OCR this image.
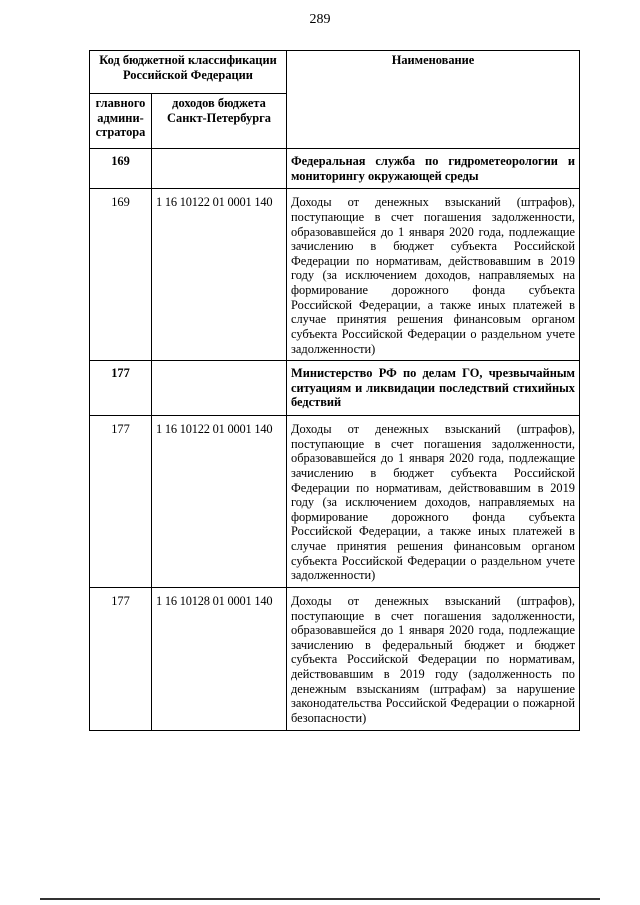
289
Код бюджетной классификации Российской Федерации		Наименование
главного админи-стратора	доходов бюджета Санкт-Петербурга	
169		Федеральная служба по гидрометеорологии и мониторингу окружающей среды
169	1 16 10122 01 0001 140	Доходы от денежных взысканий (штрафов), поступающие в счет погашения задолженности, образовавшейся до 1 января 2020 года, подлежащие зачислению в бюджет субъекта Российской Федерации по нормативам, действовавшим в 2019 году (за исключением доходов, направляемых на формирование дорожного фонда субъекта Российской Федерации, а также иных платежей в случае принятия решения финансовым органом субъекта Российской Федерации о раздельном учете задолженности)
177		Министерство РФ по делам ГО, чрезвычайным ситуациям и ликвидации последствий стихийных бедствий
177	1 16 10122 01 0001 140	Доходы от денежных взысканий (штрафов), поступающие в счет погашения задолженности, образовавшейся до 1 января 2020 года, подлежащие зачислению в бюджет субъекта Российской Федерации по нормативам, действовавшим в 2019 году (за исключением доходов, направляемых на формирование дорожного фонда субъекта Российской Федерации, а также иных платежей в случае принятия решения финансовым органом субъекта Российской Федерации о раздельном учете задолженности)
177	1 16 10128 01 0001 140	Доходы от денежных взысканий (штрафов), поступающие в счет погашения задолженности, образовавшейся до 1 января 2020 года, подлежащие зачислению в федеральный бюджет и бюджет субъекта Российской Федерации по нормативам, действовавшим в 2019 году (задолженность по денежным взысканиям (штрафам) за нарушение законодательства Российской Федерации о пожарной безопасности)
